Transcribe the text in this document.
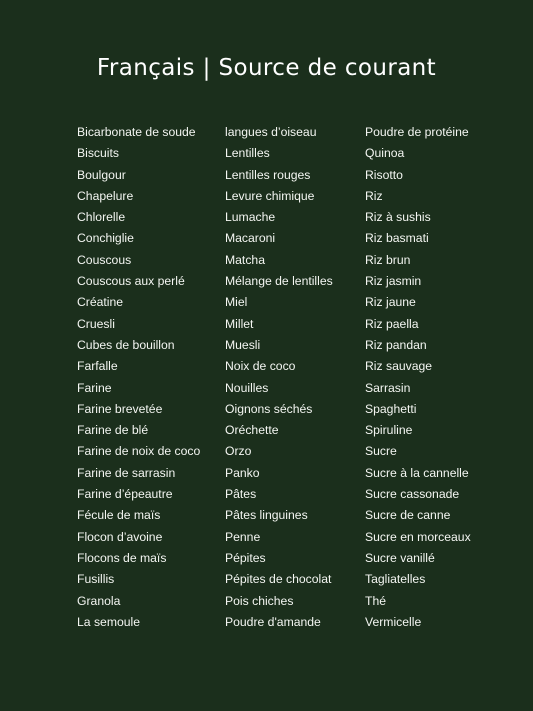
Français | Source de courant
Bicarbonate de soude
Biscuits
Boulgour
Chapelure
Chlorelle
Conchiglie
Couscous
Couscous aux perlé
Créatine
Cruesli
Cubes de bouillon
Farfalle
Farine
Farine brevetée
Farine de blé
Farine de noix de coco
Farine de sarrasin
Farine d’épeautre
Fécule de maïs
Flocon d’avoine
Flocons de maïs
Fusillis
Granola
La semoule
langues d’oiseau
Lentilles
Lentilles rouges
Levure chimique
Lumache
Macaroni
Matcha
Mélange de lentilles
Miel
Millet
Muesli
Noix de coco
Nouilles
Oignons séchés
Oréchette
Orzo
Panko
Pâtes
Pâtes linguines
Penne
Pépites
Pépites de chocolat
Pois chiches
Poudre d'amande
Poudre de protéine
Quinoa
Risotto
Riz
Riz à sushis
Riz basmati
Riz brun
Riz jasmin
Riz jaune
Riz paella
Riz pandan
Riz sauvage
Sarrasin
Spaghetti
Spiruline
Sucre
Sucre à la cannelle
Sucre cassonade
Sucre de canne
Sucre en morceaux
Sucre vanillé
Tagliatelles
Thé
Vermicelle
